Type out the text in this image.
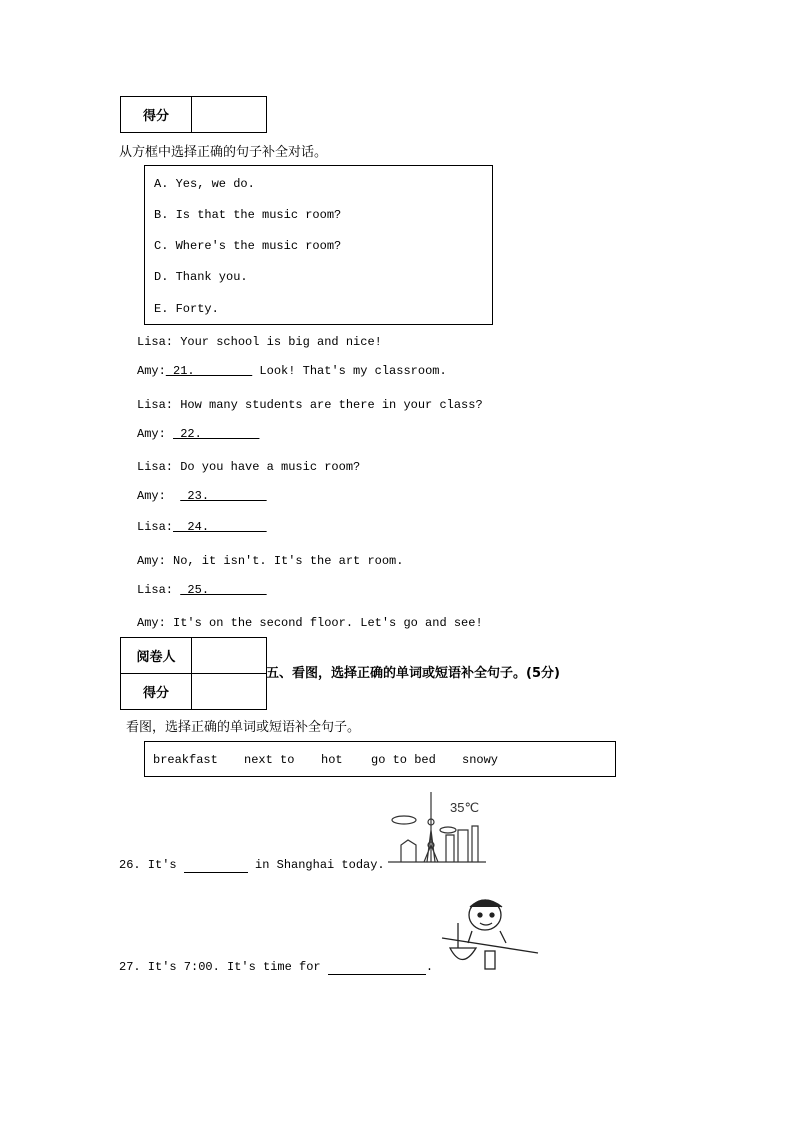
得分	
从方框中选择正确的句子补全对话。
阅卷人	
得分	
五、看图，选择正确的单词或短语补全句子。(5分)
看图，选择正确的单词或短语补全句子。
35℃
26. It's	in Shanghai today.
27. It's 7:00. It's time for	.
A. Yes, we do.
B. Is that the music room?
C. Where's the music room?
D. Thank you.
E. Forty.
Lisa: Your school is big and nice!
Amy: 21.         Look! That's my classroom.
Lisa: How many students are there in your class?
Amy:  22.
Lisa: Do you have a music room?
Amy:   23.
Lisa:  24.
Amy: No, it isn't. It's the art room.
Lisa:  25.
Amy: It's on the second floor. Let's go and see!
breakfast next to hot go to bed snowy
